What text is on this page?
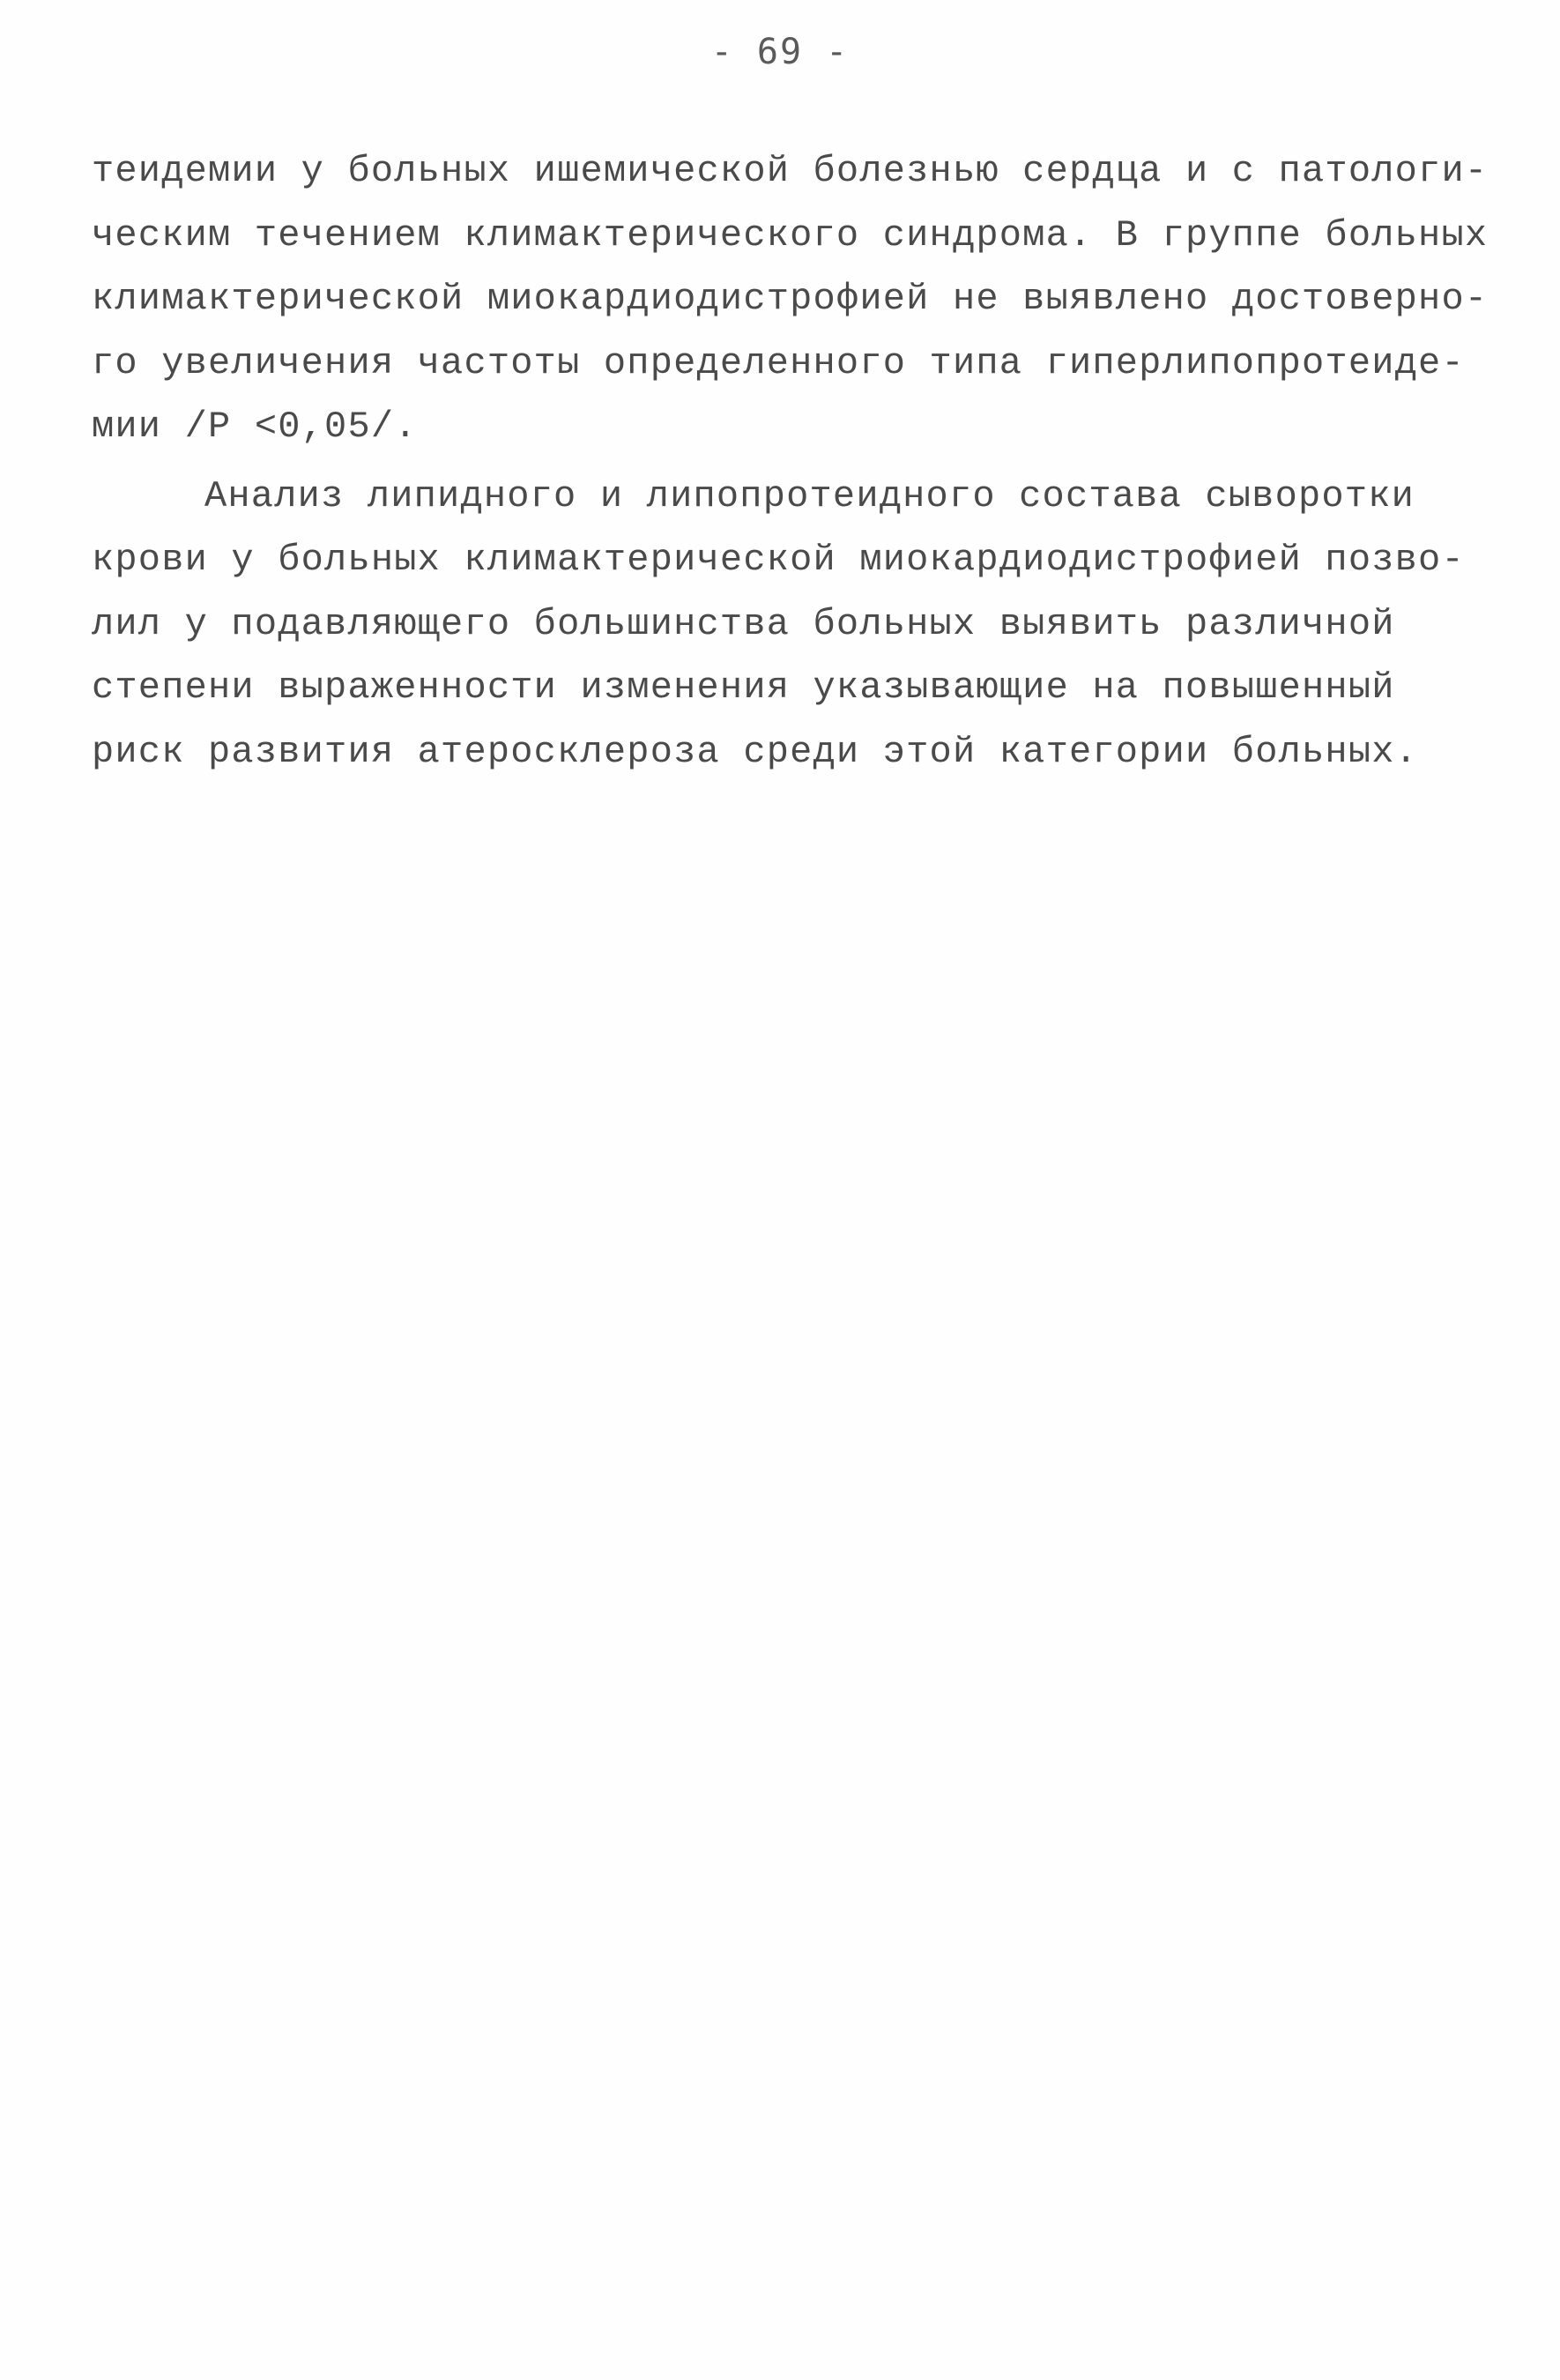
- 69 -
теидемии у больных ишемической болезнью сердца и с патологи-
ческим течением климактерического синдрома. В группе больных
климактерической миокардиодистрофией не выявлено достоверно-
го увеличения частоты определенного типа гиперлипопротеиде-
мии /Р <0,05/.
Анализ липидного и липопротеидного состава сыворотки
крови у больных климактерической миокардиодистрофией позво-
лил у подавляющего большинства больных выявить различной
степени выраженности изменения указывающие на повышенный
риск развития атеросклероза среди этой категории больных.
